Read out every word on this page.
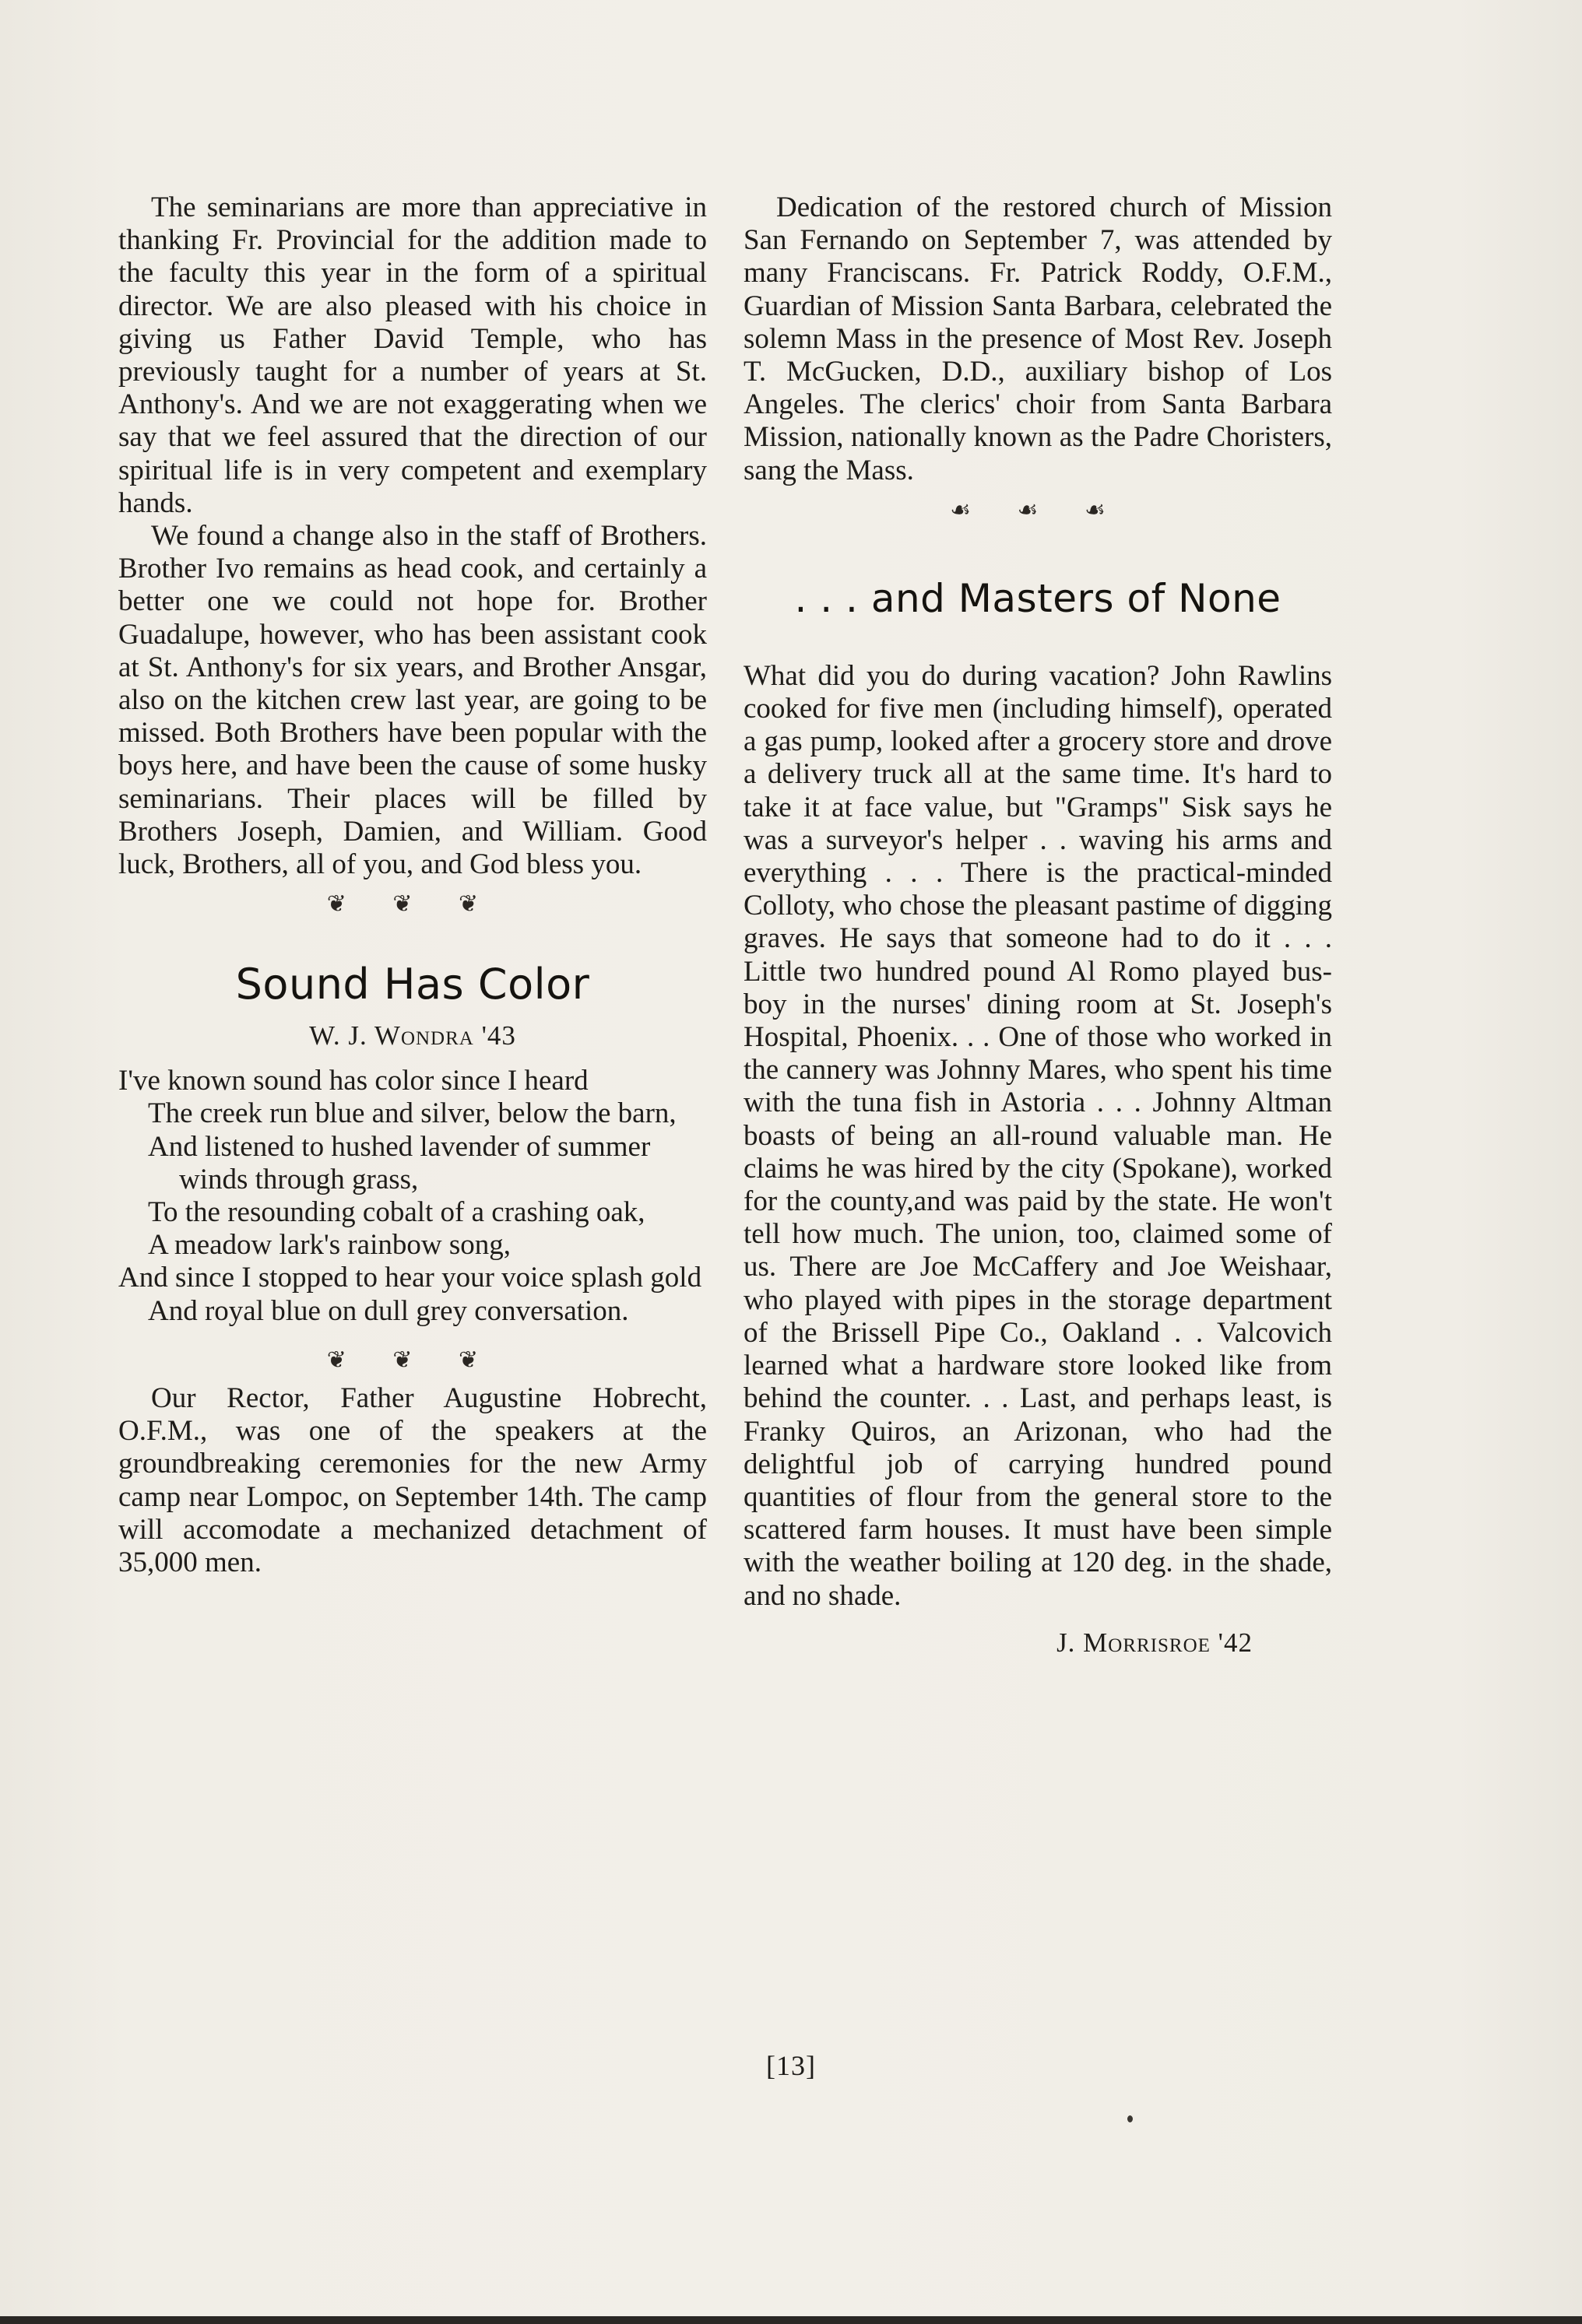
The seminarians are more than appreciative in thanking Fr. Provincial for the addition made to the faculty this year in the form of a spiritual director. We are also pleased with his choice in giving us Father David Temple, who has previously taught for a number of years at St. Anthony's. And we are not exaggerating when we say that we feel assured that the direction of our spiritual life is in very competent and exemplary hands.

We found a change also in the staff of Brothers. Brother Ivo remains as head cook, and certainly a better one we could not hope for. Brother Guadalupe, however, who has been assistant cook at St. Anthony's for six years, and Brother Ansgar, also on the kitchen crew last year, are going to be missed. Both Brothers have been popular with the boys here, and have been the cause of some husky seminarians. Their places will be filled by Brothers Joseph, Damien, and William. Good luck, Brothers, all of you, and God bless you.

❦ ❦ ❦
Sound Has Color
W. J. Wondra '43
I've known sound has color since I heard
The creek run blue and silver, below the barn,
And listened to hushed lavender of summer winds through grass,
To the resounding cobalt of a crashing oak,
A meadow lark's rainbow song,
And since I stopped to hear your voice splash gold
And royal blue on dull grey conversation.
❦ ❦ ❦

Our Rector, Father Augustine Hobrecht, O.F.M., was one of the speakers at the groundbreaking ceremonies for the new Army camp near Lompoc, on September 14th. The camp will accomodate a mechanized detachment of 35,000 men.

Dedication of the restored church of Mission San Fernando on September 7, was attended by many Franciscans. Fr. Patrick Roddy, O.F.M., Guardian of Mission Santa Barbara, celebrated the solemn Mass in the presence of Most Rev. Joseph T. McGucken, D.D., auxiliary bishop of Los Angeles. The clerics' choir from Santa Barbara Mission, nationally known as the Padre Choristers, sang the Mass.

☙ ☙ ☙
. . . and Masters of None

What did you do during vacation? John Rawlins cooked for five men (including himself), operated a gas pump, looked after a grocery store and drove a delivery truck all at the same time. It's hard to take it at face value, but "Gramps" Sisk says he was a surveyor's helper . . waving his arms and everything . . . There is the practical-minded Colloty, who chose the pleasant pastime of digging graves. He says that someone had to do it . . . Little two hundred pound Al Romo played bus-boy in the nurses' dining room at St. Joseph's Hospital, Phoenix. . . One of those who worked in the cannery was Johnny Mares, who spent his time with the tuna fish in Astoria . . . Johnny Altman boasts of being an all-round valuable man. He claims he was hired by the city (Spokane), worked for the county,and was paid by the state. He won't tell how much. The union, too, claimed some of us. There are Joe McCaffery and Joe Weishaar, who played with pipes in the storage department of the Brissell Pipe Co., Oakland . . Valcovich learned what a hardware store looked like from behind the counter. . . Last, and perhaps least, is Franky Quiros, an Arizonan, who had the delightful job of carrying hundred pound quantities of flour from the general store to the scattered farm houses. It must have been simple with the weather boiling at 120 deg. in the shade, and no shade.

J. Morrisroe '42
[13]
